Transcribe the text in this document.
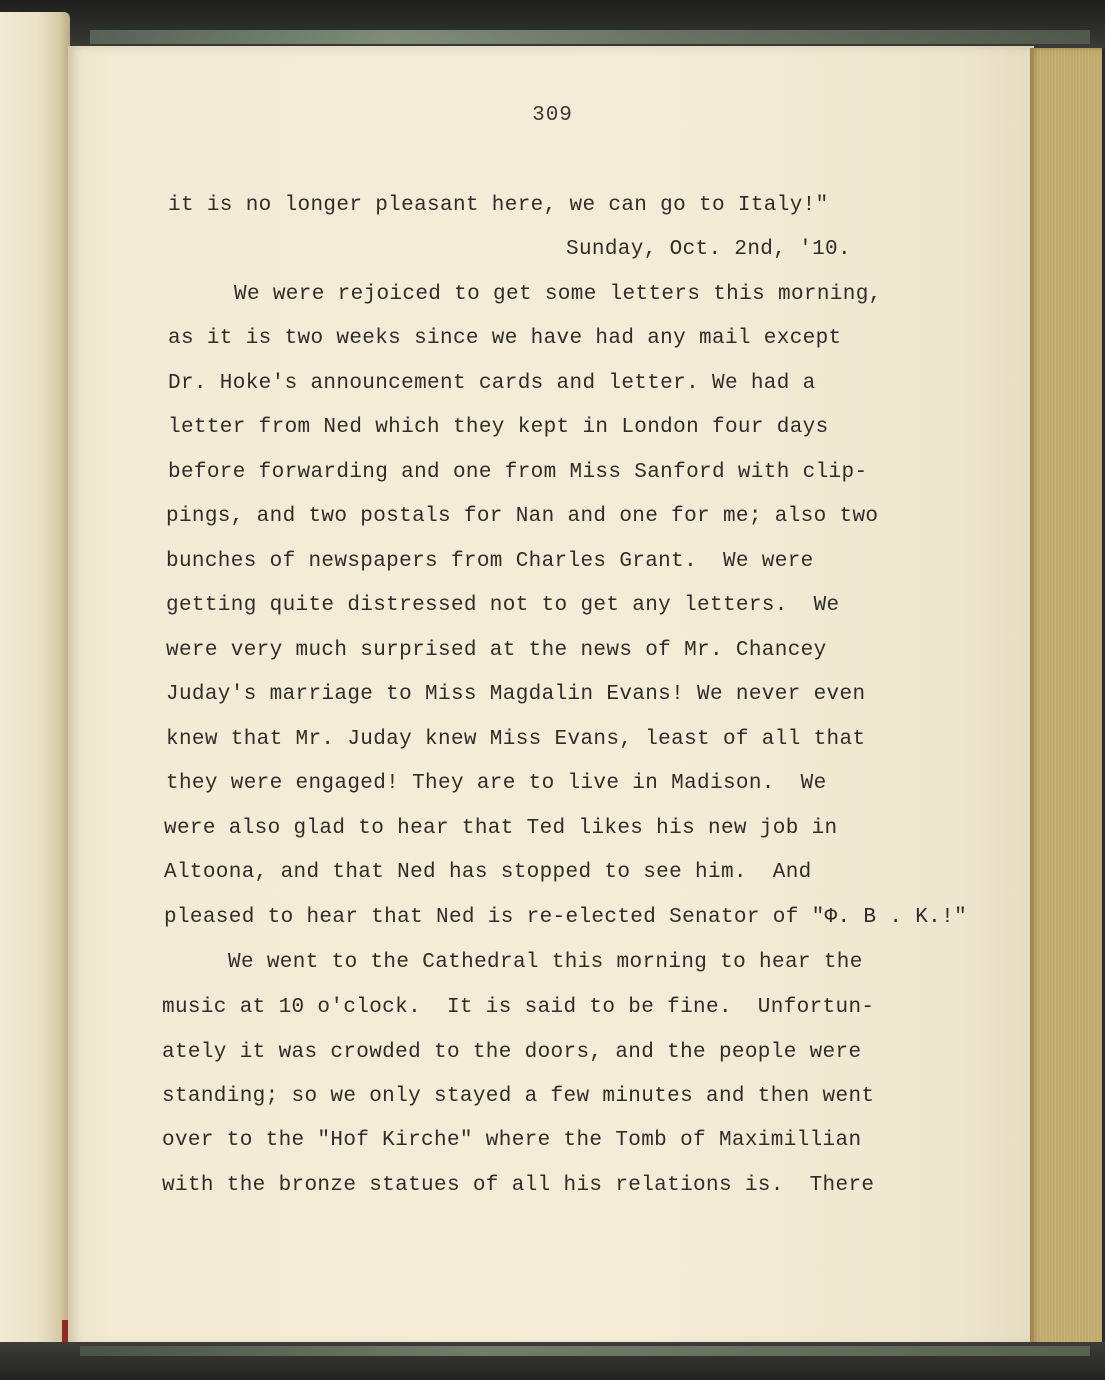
309
it is no longer pleasant here, we can go to Italy!"
Sunday, Oct. 2nd, '10.
We were rejoiced to get some letters this morning,
as it is two weeks since we have had any mail except
Dr. Hoke's announcement cards and letter. We had a
letter from Ned which they kept in London four days
before forwarding and one from Miss Sanford with clip-
pings, and two postals for Nan and one for me; also two
bunches of newspapers from Charles Grant.  We were
getting quite distressed not to get any letters.  We
were very much surprised at the news of Mr. Chancey
Juday's marriage to Miss Magdalin Evans! We never even
knew that Mr. Juday knew Miss Evans, least of all that
they were engaged! They are to live in Madison.  We
were also glad to hear that Ted likes his new job in
Altoona, and that Ned has stopped to see him.  And
pleased to hear that Ned is re-elected Senator of "Φ. B . K.!"
We went to the Cathedral this morning to hear the
music at 10 o'clock.  It is said to be fine.  Unfortun-
ately it was crowded to the doors, and the people were
standing; so we only stayed a few minutes and then went
over to the "Hof Kirche" where the Tomb of Maximillian
with the bronze statues of all his relations is.  There
